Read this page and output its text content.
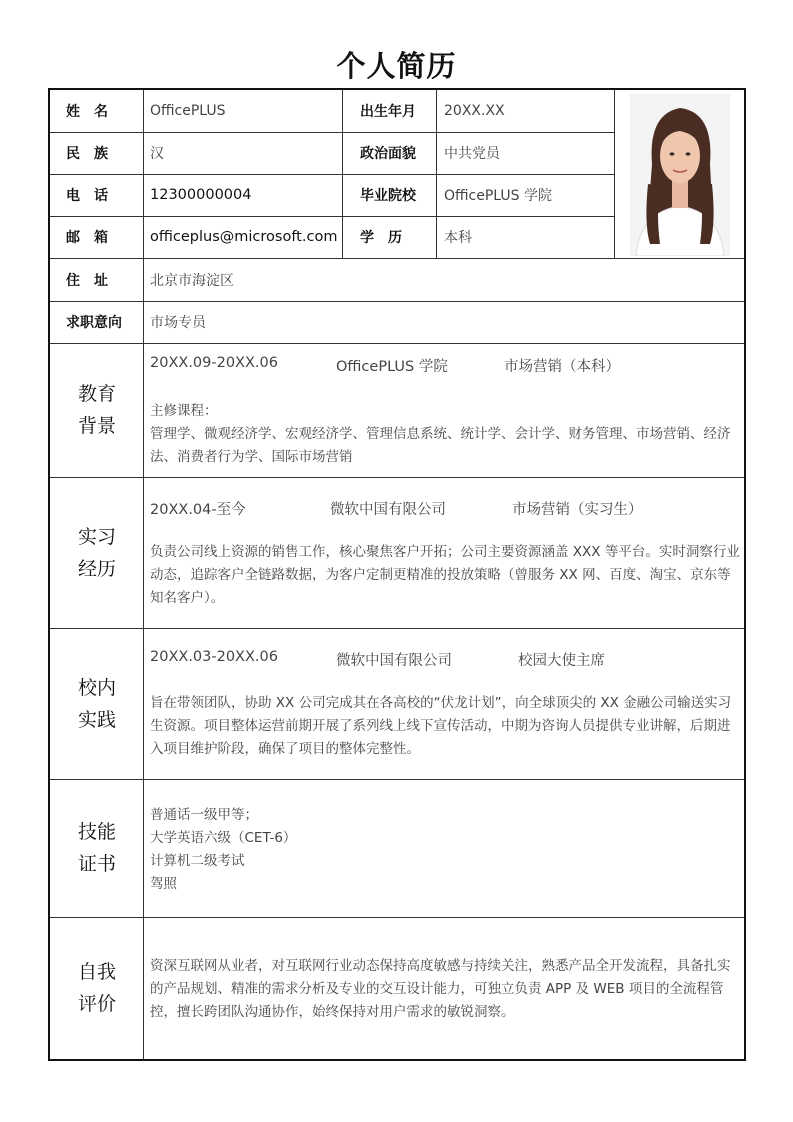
个人简历
姓　名	OfficePLUS	出生年月 20XX.XX
民　族	汉	政治面貌 中共党员
电　话	12300000004	毕业院校 OfficePLUS 学院
邮　箱	officeplus@microsoft.com 学　历	本科
住　址	北京市海淀区
求职意向 市场专员
教育
背景
20XX.09-20XX.06	OfficePLUS 学院	市场营销（本科）
主修课程：
管理学、微观经济学、宏观经济学、管理信息系统、统计学、会计学、财务管理、市场营销、经济法、消费者行为学、国际市场营销
实习
经历
20XX.04-至今	微软中国有限公司	市场营销（实习生）
负责公司线上资源的销售工作，核心聚焦客户开拓；公司主要资源涵盖 XXX 等平台。实时洞察行业动态，追踪客户全链路数据，为客户定制更精准的投放策略（曾服务 XX 网、百度、淘宝、京东等知名客户）。
校内
实践
20XX.03-20XX.06	微软中国有限公司	校园大使主席
旨在带领团队，协助 XX 公司完成其在各高校的“伏龙计划”，向全球顶尖的 XX 金融公司输送实习生资源。项目整体运营前期开展了系列线上线下宣传活动，中期为咨询人员提供专业讲解，后期进入项目维护阶段，确保了项目的整体完整性。
技能
证书
普通话一级甲等；
大学英语六级（CET-6）
计算机二级考试
驾照
自我
评价
资深互联网从业者，对互联网行业动态保持高度敏感与持续关注，熟悉产品全开发流程，具备扎实的产品规划、精准的需求分析及专业的交互设计能力，可独立负责 APP 及 WEB 项目的全流程管控，擅长跨团队沟通协作，始终保持对用户需求的敏锐洞察。
